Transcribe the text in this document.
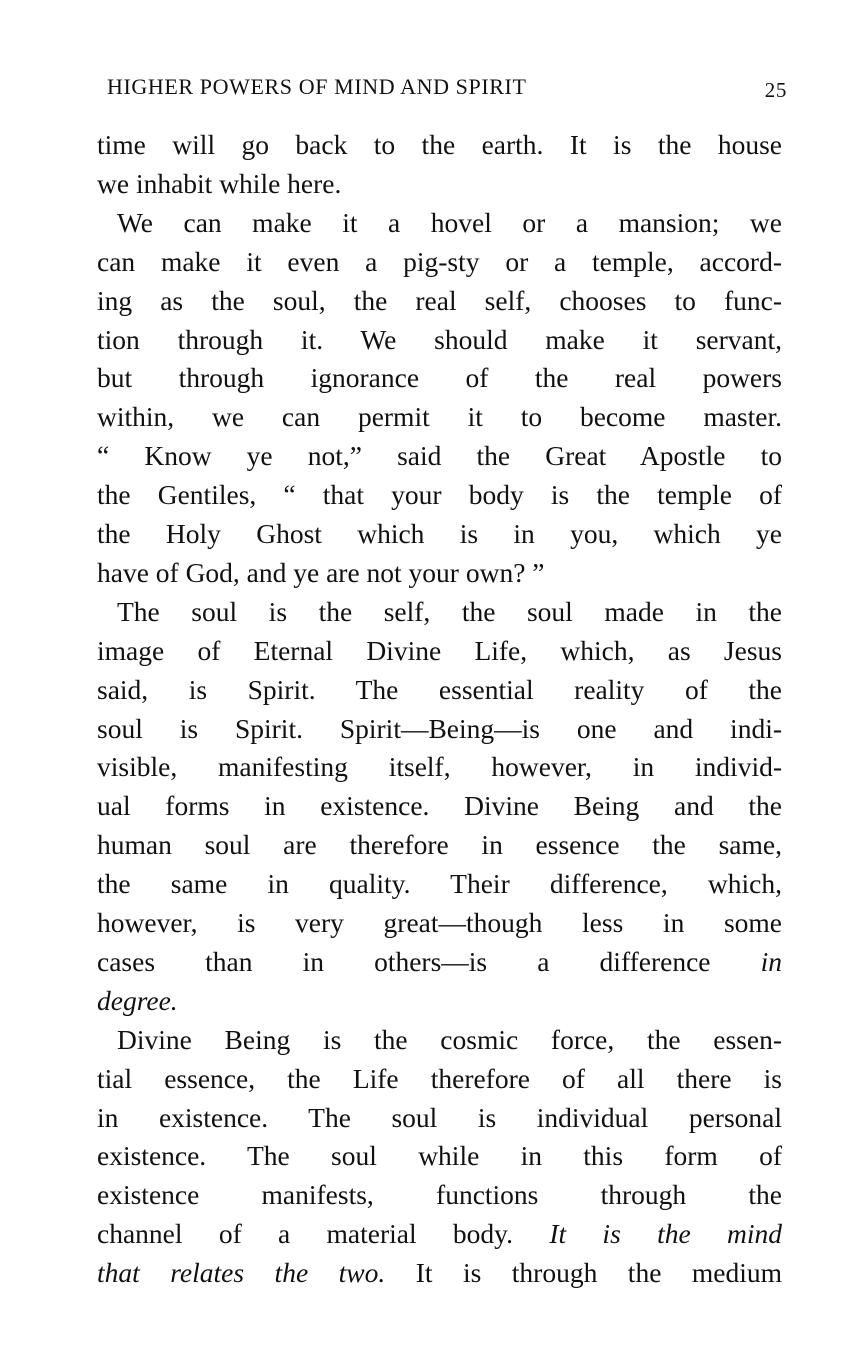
HIGHER POWERS OF MIND AND SPIRIT	25
time will go back to the earth. It is the house
we inhabit while here.
We can make it a hovel or a mansion; we
can make it even a pig-sty or a temple, accord-
ing as the soul, the real self, chooses to func-
tion through it. We should make it servant,
but through ignorance of the real powers
within, we can permit it to become master.
“ Know ye not,” said the Great Apostle to
the Gentiles, “ that your body is the temple of
the Holy Ghost which is in you, which ye
have of God, and ye are not your own? ”
The soul is the self, the soul made in the
image of Eternal Divine Life, which, as Jesus
said, is Spirit. The essential reality of the
soul is Spirit. Spirit—Being—is one and indi-
visible, manifesting itself, however, in individ-
ual forms in existence. Divine Being and the
human soul are therefore in essence the same,
the same in quality. Their difference, which,
however, is very great—though less in some
cases than in others—is a difference in
degree.
Divine Being is the cosmic force, the essen-
tial essence, the Life therefore of all there is
in existence. The soul is individual personal
existence. The soul while in this form of
existence manifests, functions through the
channel of a material body. It is the mind
that relates the two. It is through the medium
